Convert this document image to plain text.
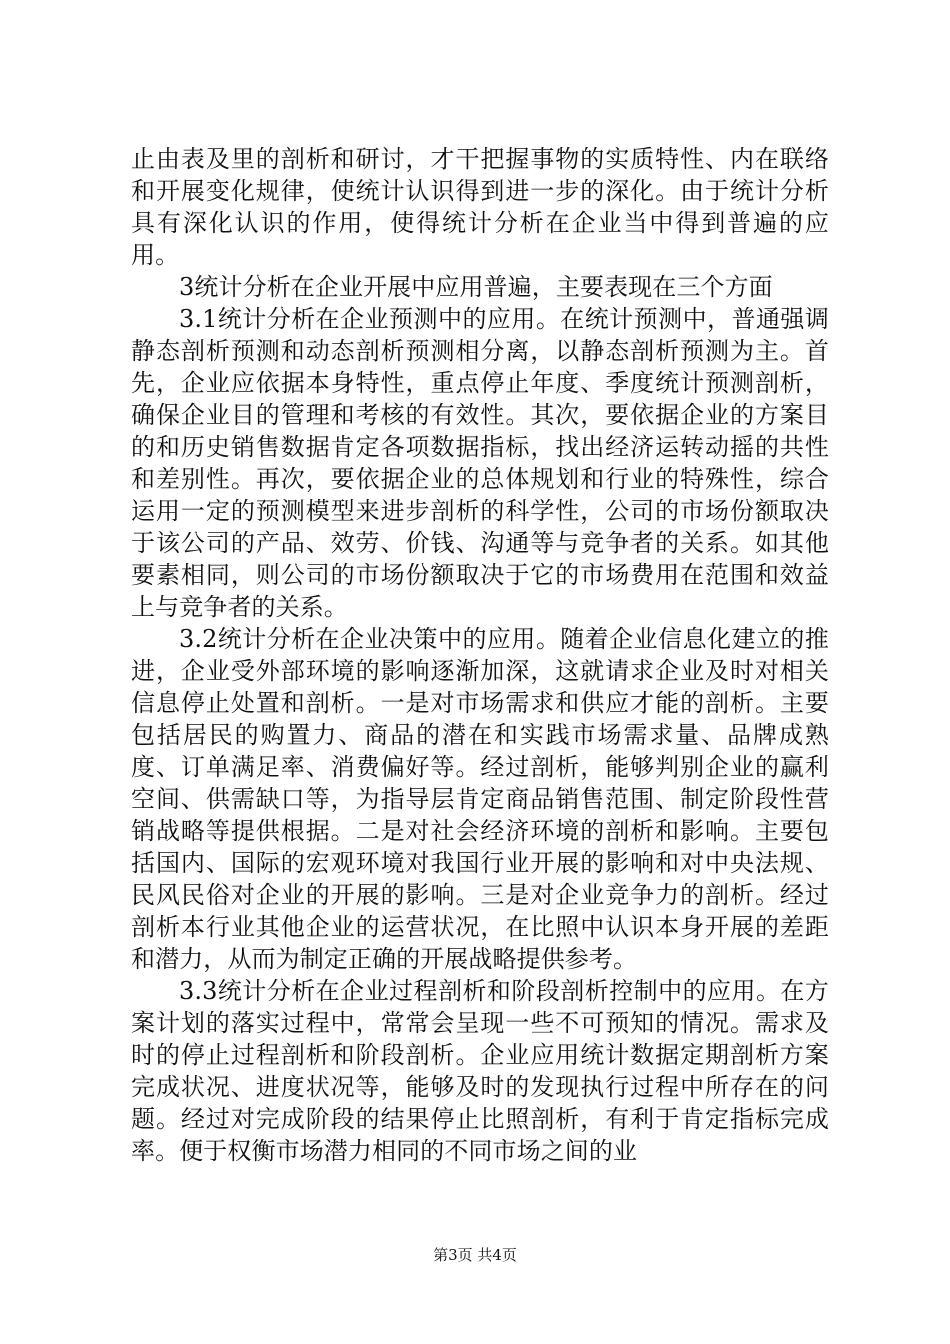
止由表及里的剖析和研讨，才干把握事物的实质特性、内在联络和开展变化规律，使统计认识得到进一步的深化。由于统计分析具有深化认识的作用，使得统计分析在企业当中得到普遍的应用。

3统计分析在企业开展中应用普遍，主要表现在三个方面

3.1统计分析在企业预测中的应用。在统计预测中，普通强调静态剖析预测和动态剖析预测相分离，以静态剖析预测为主。首先，企业应依据本身特性，重点停止年度、季度统计预测剖析，确保企业目的管理和考核的有效性。其次，要依据企业的方案目的和历史销售数据肯定各项数据指标，找出经济运转动摇的共性和差别性。再次，要依据企业的总体规划和行业的特殊性，综合运用一定的预测模型来进步剖析的科学性，公司的市场份额取决于该公司的产品、效劳、价钱、沟通等与竞争者的关系。如其他要素相同，则公司的市场份额取决于它的市场费用在范围和效益上与竞争者的关系。

3.2统计分析在企业决策中的应用。随着企业信息化建立的推进，企业受外部环境的影响逐渐加深，这就请求企业及时对相关信息停止处置和剖析。一是对市场需求和供应才能的剖析。主要包括居民的购置力、商品的潜在和实践市场需求量、品牌成熟度、订单满足率、消费偏好等。经过剖析，能够判别企业的赢利空间、供需缺口等，为指导层肯定商品销售范围、制定阶段性营销战略等提供根据。二是对社会经济环境的剖析和影响。主要包括国内、国际的宏观环境对我国行业开展的影响和对中央法规、民风民俗对企业的开展的影响。三是对企业竞争力的剖析。经过剖析本行业其他企业的运营状况，在比照中认识本身开展的差距和潜力，从而为制定正确的开展战略提供参考。

3.3统计分析在企业过程剖析和阶段剖析控制中的应用。在方案计划的落实过程中，常常会呈现一些不可预知的情况。需求及时的停止过程剖析和阶段剖析。企业应用统计数据定期剖析方案完成状况、进度状况等，能够及时的发现执行过程中所存在的问题。经过对完成阶段的结果停止比照剖析，有利于肯定指标完成率。便于权衡市场潜力相同的不同市场之间的业

第3页 共4页
